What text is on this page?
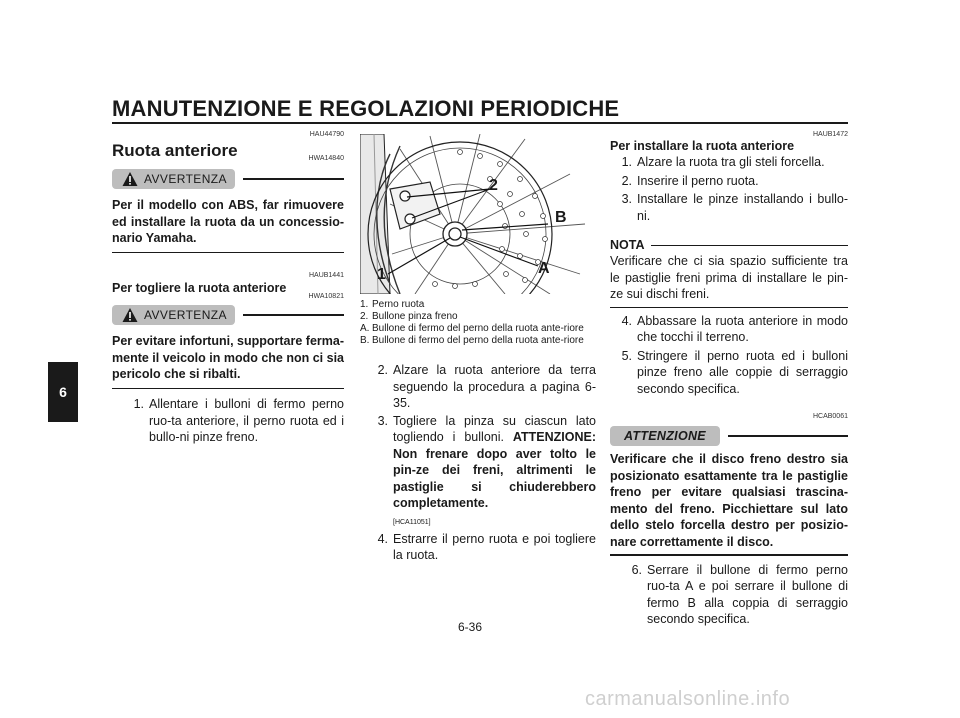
MANUTENZIONE E REGOLAZIONI PERIODICHE
6
HAU44790
Ruota anteriore	HWA14840
AVVERTENZA
Per il modello con ABS, far rimuovere ed installare la ruota da un concessio-nario Yamaha.
HAUB1441
Per togliere la ruota anteriore
HWA10821
AVVERTENZA
Per evitare infortuni, supportare ferma-mente il veicolo in modo che non ci sia pericolo che si ribalti.
1. Allentare i bulloni di fermo perno ruo-ta anteriore, il perno ruota ed i bullo-ni pinze freno.
1
2
A
B
1. Perno ruota
2. Bullone pinza freno
A. Bullone di fermo del perno della ruota ante-riore
B. Bullone di fermo del perno della ruota ante-riore
2. Alzare la ruota anteriore da terra seguendo la procedura a pagina 6-35.
3. Togliere la pinza su ciascun lato togliendo i bulloni. ATTENZIONE: Non frenare dopo aver tolto le pin-ze dei freni, altrimenti le pastiglie si chiuderebbero completamente.
[HCA11051]
4. Estrarre il perno ruota e poi togliere la ruota.
HAUB1472
Per installare la ruota anteriore
1. Alzare la ruota tra gli steli forcella.
2. Inserire il perno ruota.
3. Installare le pinze installando i bullo-ni.
NOTA
Verificare che ci sia spazio sufficiente tra le pastiglie freni prima di installare le pin-ze sui dischi freni.
4. Abbassare la ruota anteriore in modo che tocchi il terreno.
5. Stringere il perno ruota ed i bulloni pinze freno alle coppie di serraggio secondo specifica.
HCAB0061
ATTENZIONE
Verificare che il disco freno destro sia posizionato esattamente tra le pastiglie freno per evitare qualsiasi trascina-mento del freno. Picchiettare sul lato dello stelo forcella destro per posizio-nare correttamente il disco.
6. Serrare il bullone di fermo perno ruo-ta A e poi serrare il bullone di fermo B alla coppia di serraggio secondo specifica.
6-36
carmanualsonline.info
